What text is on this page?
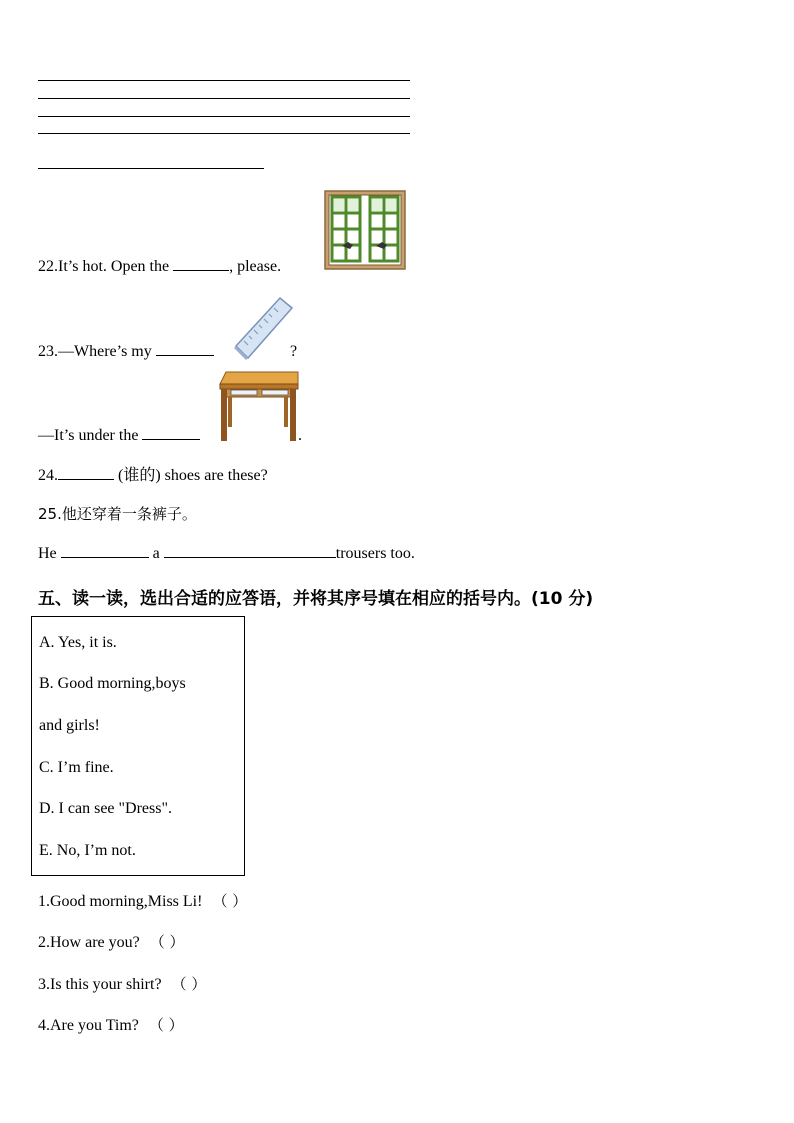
22.It’s hot. Open the	, please.
23.—Where’s my	?
—It’s under the	.
24.	(谁的) shoes are these?
25.他还穿着一条裤子。
He	a	trousers too.
五、读一读，选出合适的应答语，并将其序号填在相应的括号内。(10 分)
A. Yes, it is.
B. Good morning,boys
and girls!
C. I’m fine.
D. I can see "Dress".
E. No, I’m not.
1.Good morning,Miss Li! （ ）
2.How are you? （ ）
3.Is this your shirt? （ ）
4.Are you Tim? （ ）
